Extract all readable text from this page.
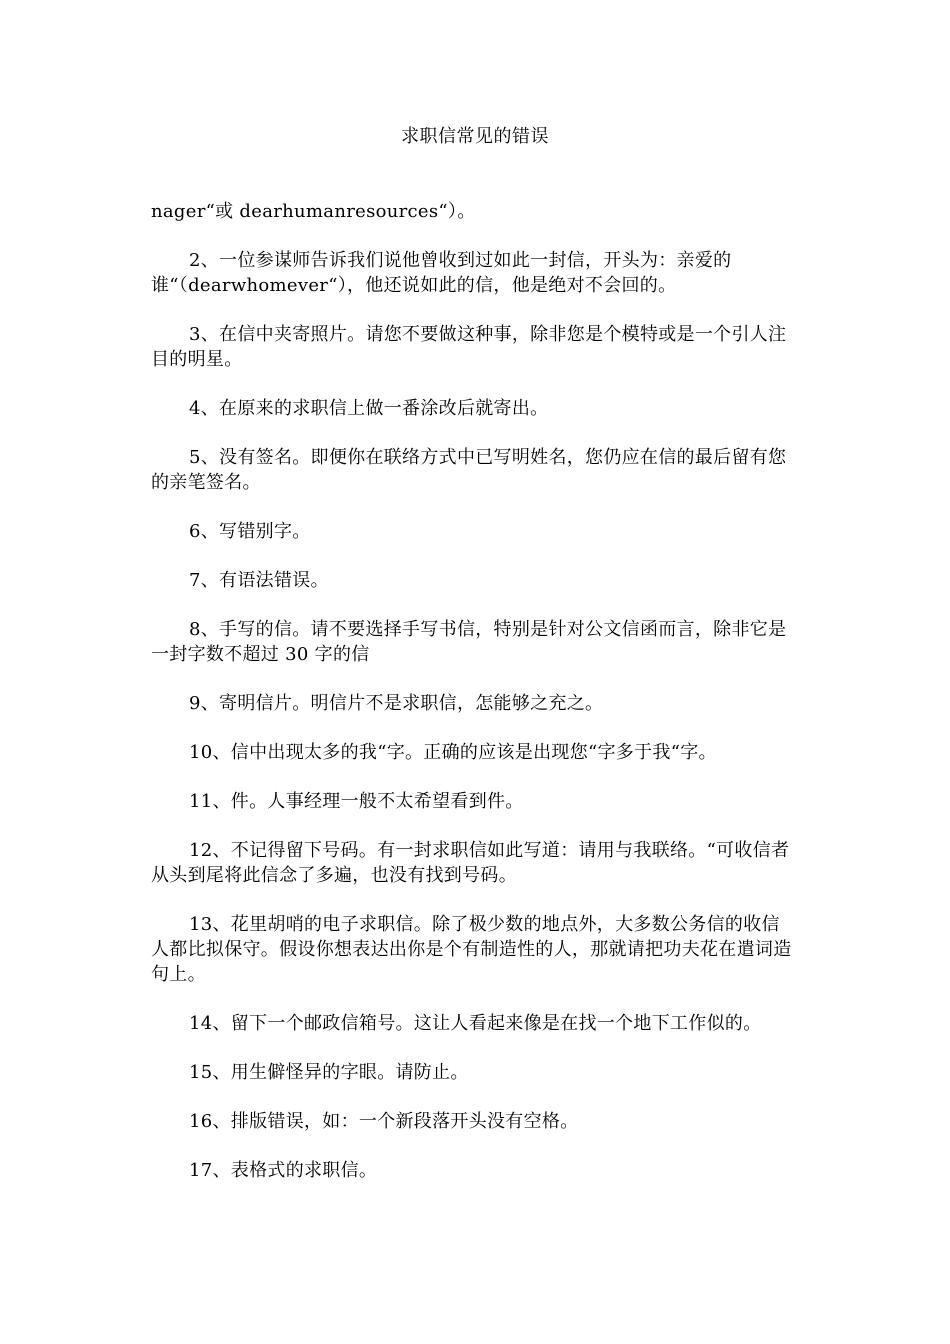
求职信常见的错误

nager“或 dearhumanresources“）。

2、一位参谋师告诉我们说他曾收到过如此一封信，开头为：亲爱的谁“（dearwhomever“），他还说如此的信，他是绝对不会回的。

3、在信中夹寄照片。请您不要做这种事，除非您是个模特或是一个引人注目的明星。

4、在原来的求职信上做一番涂改后就寄出。

5、没有签名。即便你在联络方式中已写明姓名，您仍应在信的最后留有您的亲笔签名。

6、写错别字。

7、有语法错误。

8、手写的信。请不要选择手写书信，特别是针对公文信函而言，除非它是一封字数不超过 30 字的信

9、寄明信片。明信片不是求职信，怎能够之充之。

10、信中出现太多的我“字。正确的应该是出现您“字多于我“字。

11、件。人事经理一般不太希望看到件。

12、不记得留下号码。有一封求职信如此写道：请用与我联络。“可收信者从头到尾将此信念了多遍，也没有找到号码。

13、花里胡哨的电子求职信。除了极少数的地点外，大多数公务信的收信人都比拟保守。假设你想表达出你是个有制造性的人，那就请把功夫花在遣词造句上。

14、留下一个邮政信箱号。这让人看起来像是在找一个地下工作似的。

15、用生僻怪异的字眼。请防止。

16、排版错误，如：一个新段落开头没有空格。

17、表格式的求职信。
